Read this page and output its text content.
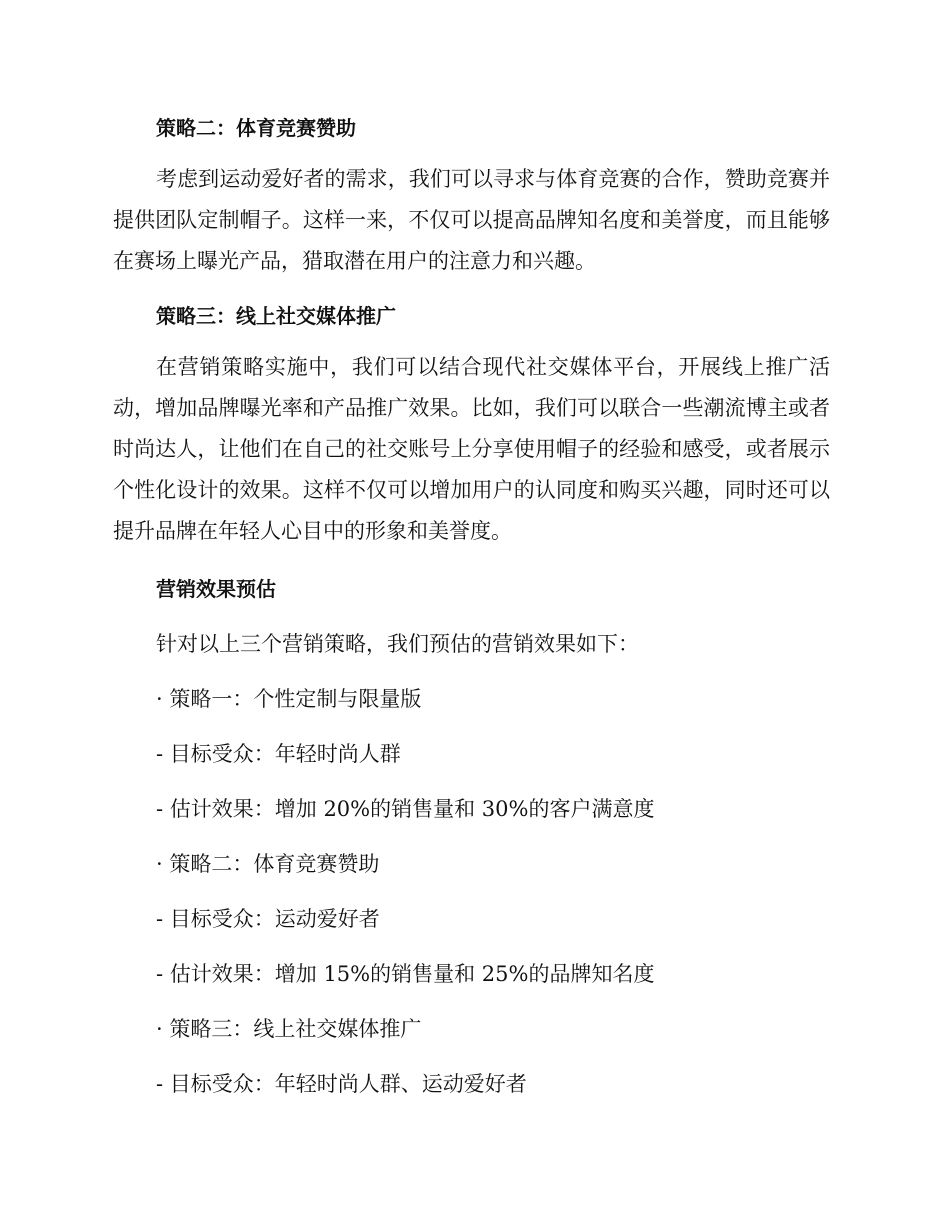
策略二：体育竞赛赞助

考虑到运动爱好者的需求，我们可以寻求与体育竞赛的合作，赞助竞赛并提供团队定制帽子。这样一来，不仅可以提高品牌知名度和美誉度，而且能够在赛场上曝光产品，猎取潜在用户的注意力和兴趣。

策略三：线上社交媒体推广

在营销策略实施中，我们可以结合现代社交媒体平台，开展线上推广活动，增加品牌曝光率和产品推广效果。比如，我们可以联合一些潮流博主或者时尚达人，让他们在自己的社交账号上分享使用帽子的经验和感受，或者展示个性化设计的效果。这样不仅可以增加用户的认同度和购买兴趣，同时还可以提升品牌在年轻人心目中的形象和美誉度。

营销效果预估

针对以上三个营销策略，我们预估的营销效果如下：

· 策略一：个性定制与限量版

- 目标受众：年轻时尚人群

- 估计效果：增加 20%的销售量和 30%的客户满意度

· 策略二：体育竞赛赞助

- 目标受众：运动爱好者

- 估计效果：增加 15%的销售量和 25%的品牌知名度

· 策略三：线上社交媒体推广

- 目标受众：年轻时尚人群、运动爱好者
